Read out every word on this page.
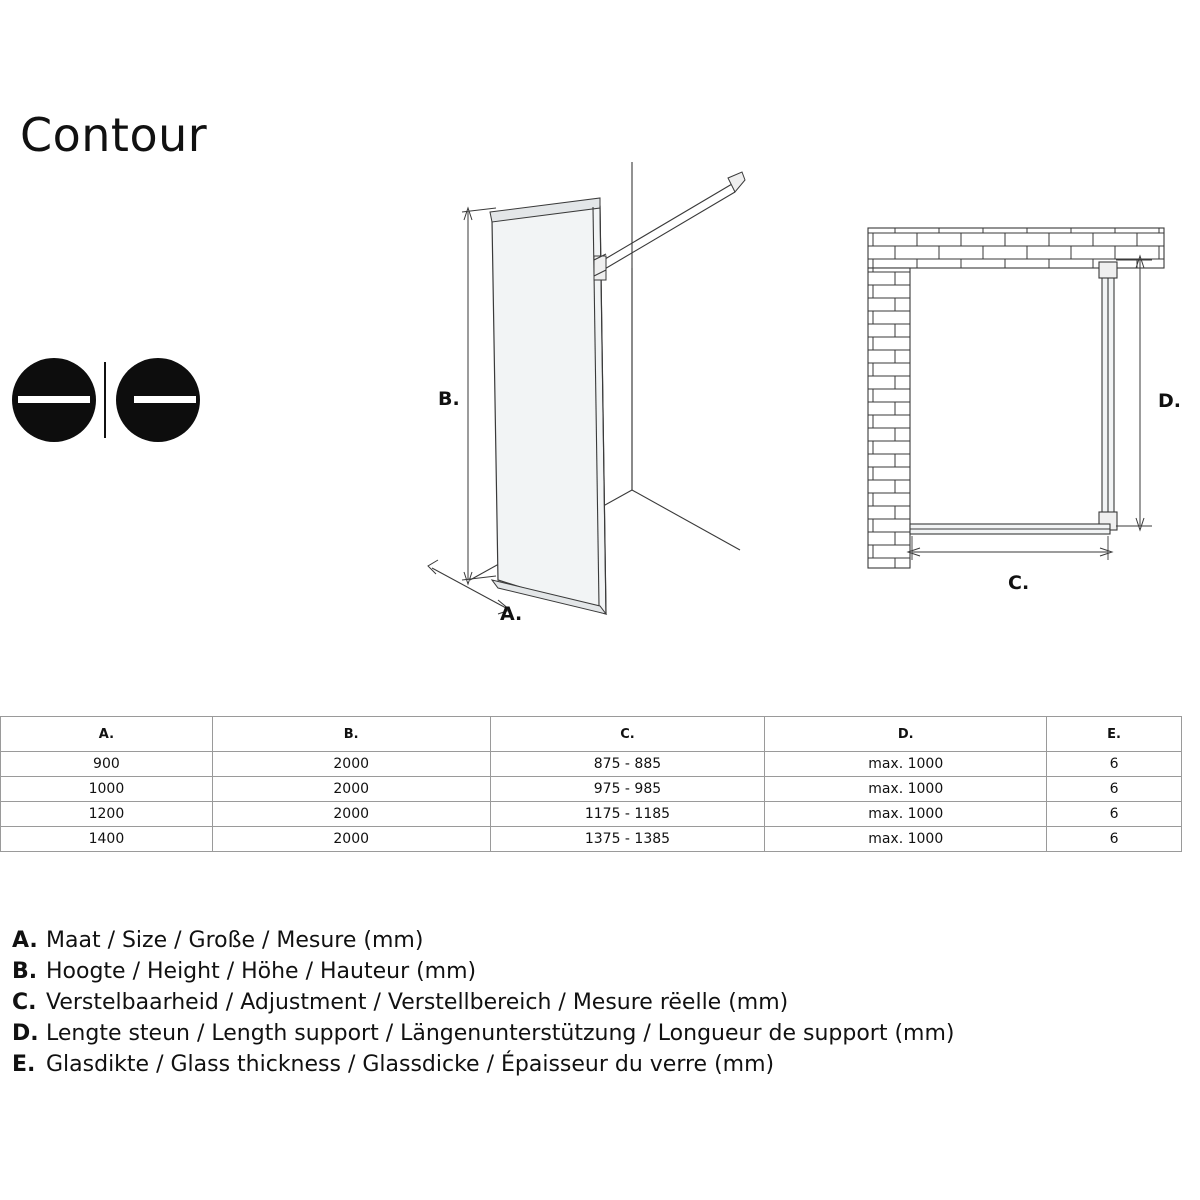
Contour
A.
B.
C.
D.
A.	B.	C.	D.	E.
900	2000	875 - 885	max. 1000	6
1000	2000	975 - 985	max. 1000	6
1200	2000	1175 - 1185	max. 1000	6
1400	2000	1375 - 1385	max. 1000	6
A. Maat / Size / Große / Mesure (mm)
B. Hoogte / Height / Höhe / Hauteur (mm)
C. Verstelbaarheid / Adjustment / Verstellbereich / Mesure rëelle (mm)
D. Lengte steun / Length support / Längenunterstützung / Longueur de support (mm)
E. Glasdikte / Glass thickness / Glassdicke / Épaisseur du verre (mm)
